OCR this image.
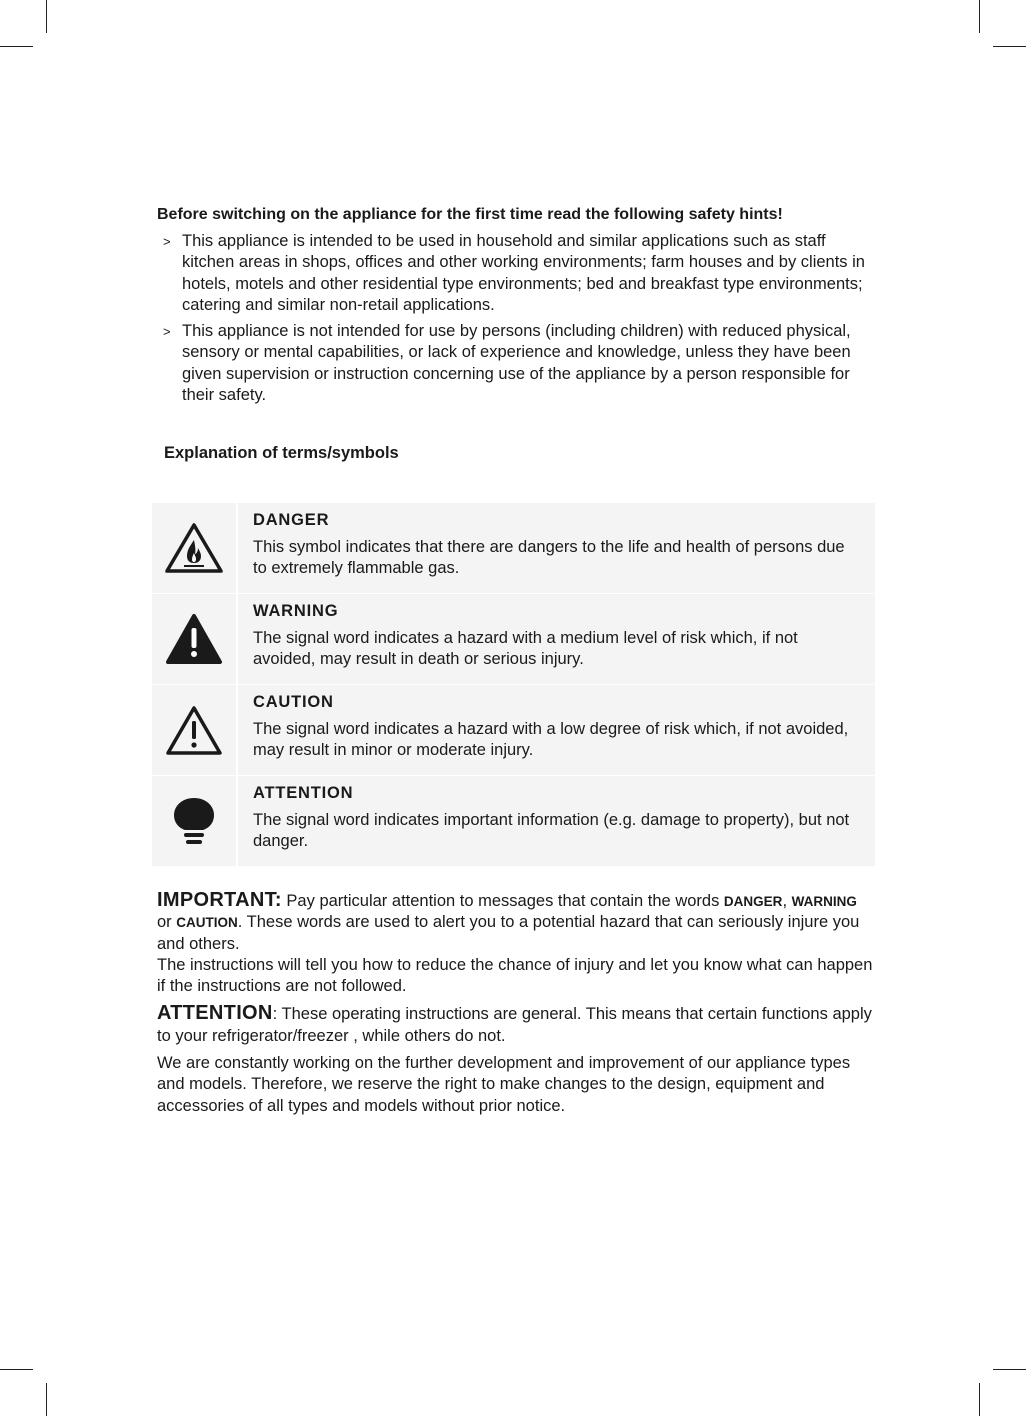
Before switching on the appliance for the first time read the following safety hints!

> This appliance is intended to be used in household and similar applications such as staff kitchen areas in shops, offices and other working environments; farm houses and by clients in hotels, motels and other residential type environments; bed and breakfast type environments; catering and similar non-retail applications.
> This appliance is not intended for use by persons (including children) with reduced physical, sensory or mental capabilities, or lack of experience and knowledge, unless they have been given supervision or instruction concerning use of the appliance by a person responsible for their safety.

Explanation of terms/symbols

DANGER
This symbol indicates that there are dangers to the life and health of persons due to extremely flammable gas.
WARNING
The signal word indicates a hazard with a medium level of risk which, if not avoided, may result in death or serious injury.
CAUTION
The signal word indicates a hazard with a low degree of risk which, if not avoided, may result in minor or moderate injury.
ATTENTION
The signal word indicates important information (e.g. damage to property), but not danger.

IMPORTANT: Pay particular attention to messages that contain the words DANGER, WARNING or CAUTION. These words are used to alert you to a potential hazard that can seriously injure you and others.

The instructions will tell you how to reduce the chance of injury and let you know what can happen if the instructions are not followed.

ATTENTION: These operating instructions are general. This means that certain functions apply to your refrigerator/freezer , while others do not.

We are constantly working on the further development and improvement of our appliance types and models. Therefore, we reserve the right to make changes to the design, equipment and accessories of all types and models without prior notice.
